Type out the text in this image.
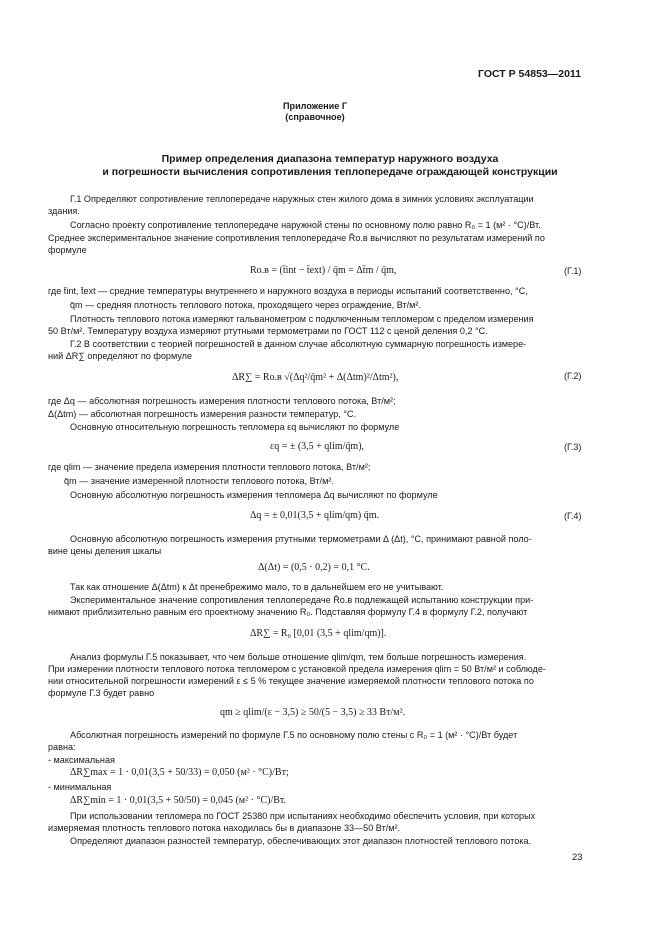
ГОСТ Р 54853—2011
Приложение Г
(справочное)
Пример определения диапазона температур наружного воздуха
и погрешности вычисления сопротивления теплопередаче ограждающей конструкции
Г.1 Определяют сопротивление теплопередаче наружных стен жилого дома в зимних условиях эксплуатации
здания.
Согласно проекту сопротивление теплопередаче наружной стены по основному полю равно R₀ = 1 (м² · °С)/Вт.
Среднее экспериментальное значение сопротивления теплопередаче R̄о.в вычисляют по результатам измерений по
формуле
Rо.в = (t̄int − t̄ext) / q̄m = Δt̄m / q̄m,	(Г.1)
где t̄int, t̄ext — средние температуры внутреннего и наружного воздуха в периоды испытаний соответственно, °С,
q̄m — средняя плотность теплового потока, проходящего через ограждение, Вт/м².
Плотность теплового потока измеряют гальванометром с подключенным тепломером с пределом измерения
50 Вт/м². Температуру воздуха измеряют ртутными термометрами по ГОСТ 112 с ценой деления 0,2 °С.
Г.2 В соответствии с теорией погрешностей в данном случае абсолютную суммарную погрешность измере-
ний ΔR∑ определяют по формуле
ΔR∑ = Rо.в √(Δq²/q̄m² + Δ(Δtm)²/Δtm²),	(Г.2)
где Δq — абсолютная погрешность измерения плотности теплового потока, Вт/м²;
Δ(Δtm) — абсолютная погрешность измерения разности температур, °С.
Основную относительную погрешность тепломера εq вычисляют по формуле
εq = ± (3,5 + qlim/q̄m),	(Г.3)
где qlim — значение предела измерения плотности теплового потока, Вт/м²;
q̄m — значение измеренной плотности теплового потока, Вт/м².
Основную абсолютную погрешность измерения тепломера Δq вычисляют по формуле
Δq = ± 0,01(3,5 + qlim/qm) q̄m.	(Г.4)
Основную абсолютную погрешность измерения ртутными термометрами Δ (Δt), °С, принимают равной поло-
вине цены деления шкалы
Δ(Δt) = (0,5 · 0,2) = 0,1 °С.
Так как отношение Δ(Δtm) к Δt пренебрежимо мало, то в дальнейшем его не учитывают.
Экспериментальное значение сопротивления теплопередаче R̄о.в подлежащей испытанию конструкции при-
нимают приблизительно равным его проектному значению R₀. Подставляя формулу Г.4 в формулу Г.2, получают
ΔR∑ = R₀ [0,01 (3,5 + qlim/qm)].
Анализ формулы Г.5 показывает, что чем больше отношение qlim/qm, тем больше погрешность измерения.
При измерении плотности теплового потока тепломером с установкой предела измерения qlim = 50 Вт/м² и соблюде-
нии относительной погрешности измерений ε ≤ 5 % текущее значение измеряемой плотности теплового потока по
формуле Г.3 будет равно
qm ≥ qlim/(ε − 3,5) ≥ 50/(5 − 3,5) ≥ 33 Вт/м².
Абсолютная погрешность измерений по формуле Г.5 по основному полю стены с R₀ = 1 (м² · °С)/Вт будет
равна:
- максимальная
ΔR∑max = 1 · 0,01(3,5 + 50/33) = 0,050 (м² · °С)/Вт;
- минимальная
ΔR∑min = 1 · 0,01(3,5 + 50/50) = 0,045 (м² · °С)/Вт.
При использовании тепломера по ГОСТ 25380 при испытаниях необходимо обеспечить условия, при которых
измеряемая плотность теплового потока находилась бы в диапазоне 33—50 Вт/м².
Определяют диапазон разностей температур, обеспечивающих этот диапазон плотностей теплового потока.
23
